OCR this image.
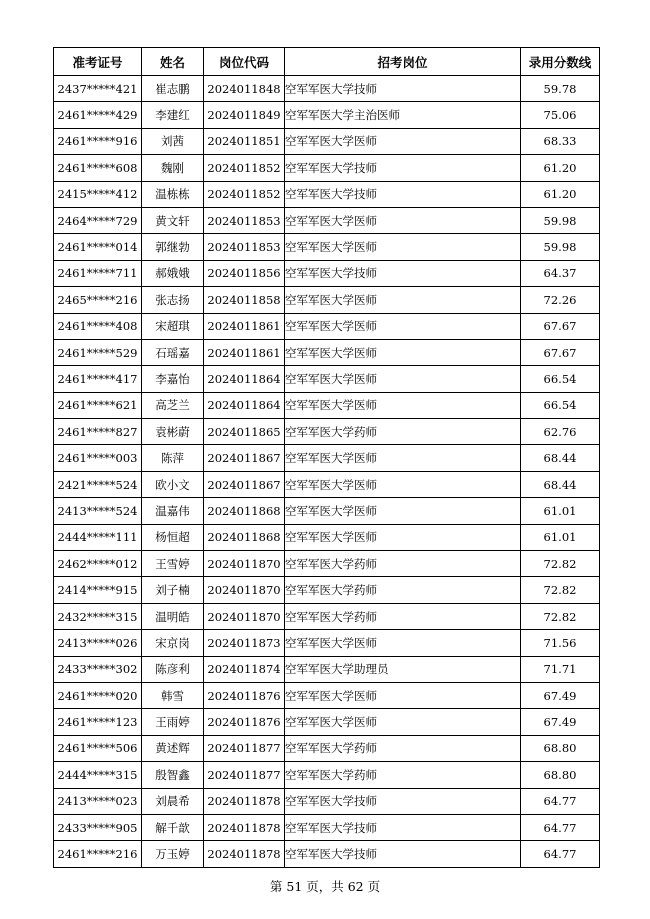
准考证号	姓名	岗位代码	招考岗位	录用分数线
2437*****421	崔志鹏	2024011848	空军军医大学技师	59.78
2461*****429	李建红	2024011849	空军军医大学主治医师	75.06
2461*****916	刘茜	2024011851	空军军医大学医师	68.33
2461*****608	魏刚	2024011852	空军军医大学技师	61.20
2415*****412	温栋栋	2024011852	空军军医大学技师	61.20
2464*****729	黄文轩	2024011853	空军军医大学医师	59.98
2461*****014	郭继勃	2024011853	空军军医大学医师	59.98
2461*****711	郝娥娥	2024011856	空军军医大学技师	64.37
2465*****216	张志扬	2024011858	空军军医大学医师	72.26
2461*****408	宋超琪	2024011861	空军军医大学医师	67.67
2461*****529	石瑶嘉	2024011861	空军军医大学医师	67.67
2461*****417	李嘉怡	2024011864	空军军医大学医师	66.54
2461*****621	高芝兰	2024011864	空军军医大学医师	66.54
2461*****827	袁彬蔚	2024011865	空军军医大学药师	62.76
2461*****003	陈萍	2024011867	空军军医大学医师	68.44
2421*****524	欧小文	2024011867	空军军医大学医师	68.44
2413*****524	温嘉伟	2024011868	空军军医大学医师	61.01
2444*****111	杨恒超	2024011868	空军军医大学医师	61.01
2462*****012	王雪婷	2024011870	空军军医大学药师	72.82
2414*****915	刘子楠	2024011870	空军军医大学药师	72.82
2432*****315	温明皓	2024011870	空军军医大学药师	72.82
2413*****026	宋京岗	2024011873	空军军医大学医师	71.56
2433*****302	陈彦利	2024011874	空军军医大学助理员	71.71
2461*****020	韩雪	2024011876	空军军医大学医师	67.49
2461*****123	王雨婷	2024011876	空军军医大学医师	67.49
2461*****506	黄述辉	2024011877	空军军医大学药师	68.80
2444*****315	殷智鑫	2024011877	空军军医大学药师	68.80
2413*****023	刘晨希	2024011878	空军军医大学技师	64.77
2433*****905	解千歆	2024011878	空军军医大学技师	64.77
2461*****216	万玉婷	2024011878	空军军医大学技师	64.77
第 51 页，共 62 页
